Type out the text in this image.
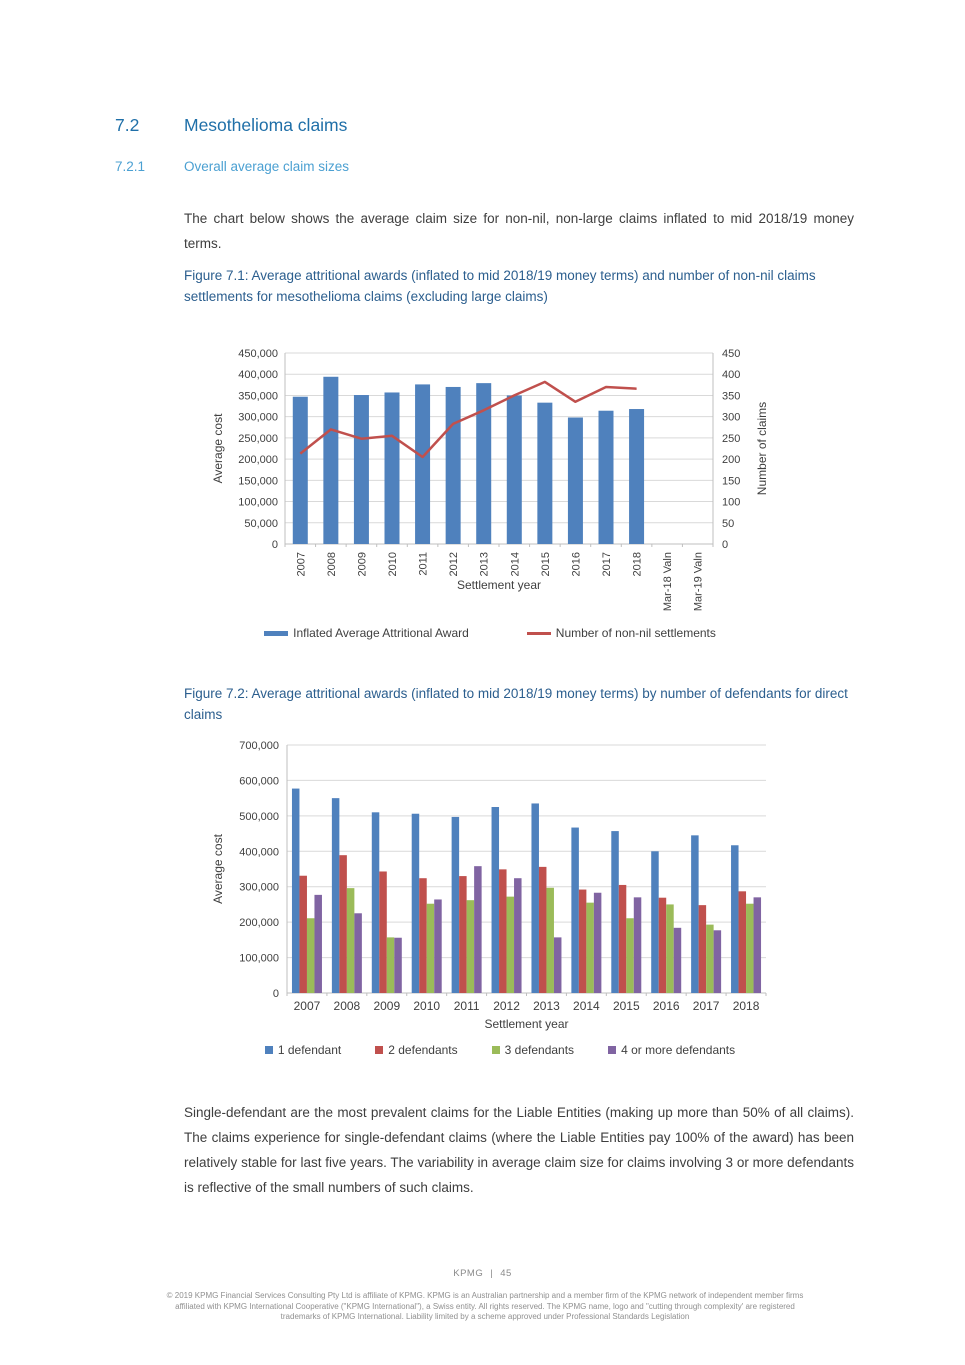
7.2	Mesothelioma claims
7.2.1	Overall average claim sizes

The chart below shows the average claim size for non-nil, non-large claims inflated to mid 2018/19 money terms.

Figure 7.1: Average attritional awards (inflated to mid 2018/19 money terms) and number of non-nil claims settlements for mesothelioma claims (excluding large claims)

0	0
50,000	50
100,000	100
150,000	150
200,000	200
250,000	250
300,000	300
350,000	350
400,000	400
450,000	450
2007 2008 2009 2010 2011 2012 2013 2014 2015 2016 2017 2018 Mar-18 Valn Mar-19 Valn
Average cost	Number of claims
Settlement year
Inflated Average Attritional Award	Number of non-nil settlements

Figure 7.2: Average attritional awards (inflated to mid 2018/19 money terms) by number of defendants for direct claims

0
100,000
200,000
300,000
400,000
500,000
600,000
700,000
2007 2008 2009 2010 2011 2012 2013 2014 2015 2016 2017 2018
Settlement year
Average cost
1 defendant	2 defendants	3 defendants	4 or more defendants

Single-defendant are the most prevalent claims for the Liable Entities (making up more than 50% of all claims). The claims experience for single-defendant claims (where the Liable Entities pay 100% of the award) has been relatively stable for last five years. The variability in average claim size for claims involving 3 or more defendants is reflective of the small numbers of such claims.

KPMG | 45
© 2019 KPMG Financial Services Consulting Pty Ltd is affiliate of KPMG. KPMG is an Australian partnership and a member firm of the KPMG network of independent member firms
affiliated with KPMG International Cooperative ("KPMG International"), a Swiss entity. All rights reserved. The KPMG name, logo and "cutting through complexity' are registered
trademarks of KPMG International. Liability limited by a scheme approved under Professional Standards Legislation
